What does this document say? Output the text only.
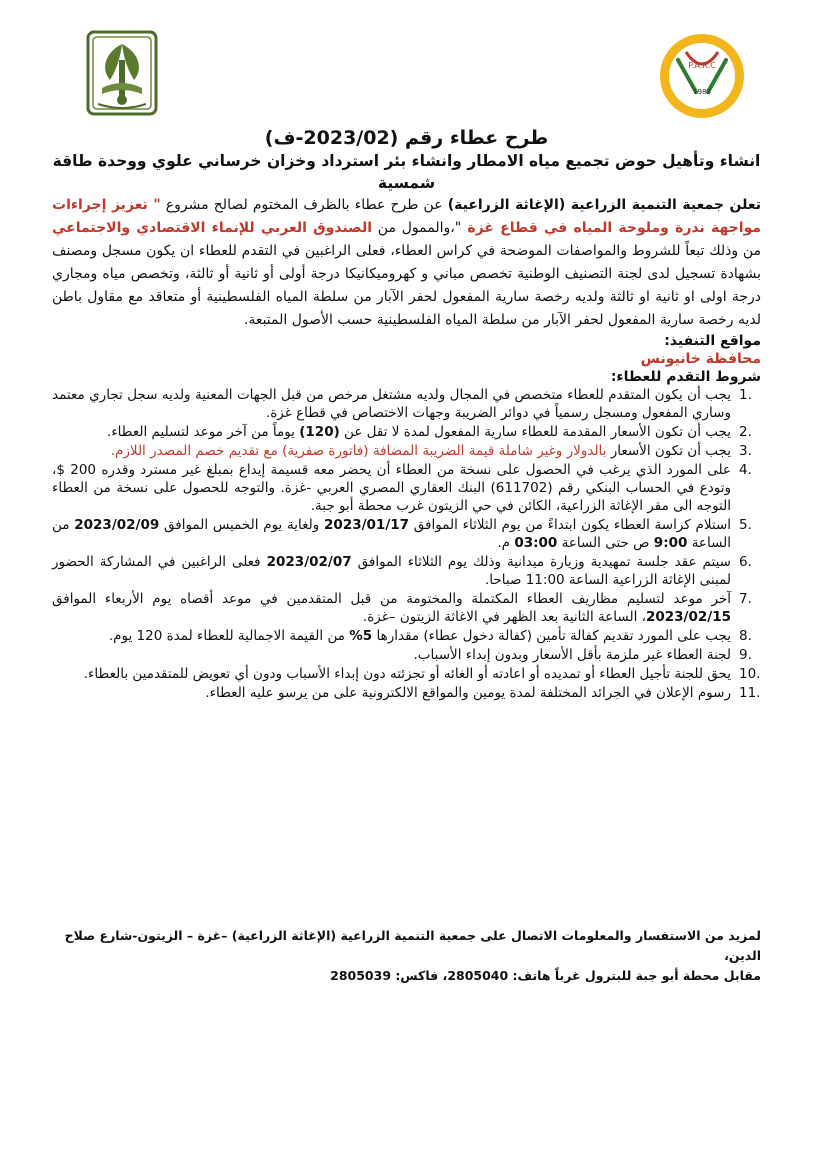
P.A.R.C
1983
طرح عطاء رقم (2023/02-ف)

انشاء وتأهيل حوض تجميع مياه الامطار وانشاء بئر استرداد وخزان خرساني علوي ووحدة طاقة شمسية

تعلن جمعية التنمية الزراعية (الإغاثة الزراعية) عن طرح عطاء بالظرف المختوم لصالح مشروع " تعزيز إجراءات مواجهة ندرة وملوحة المياه في قطاع غزة "،والممول من الصندوق العربي للإنماء الاقتصادي والاجتماعي من وذلك تبعاً للشروط والمواصفات الموضحة في كراس العطاء، فعلى الراغبين في التقدم للعطاء ان يكون مسجل ومصنف بشهادة تسجيل لدى لجنة التصنيف الوطنية تخصص مباني و كهروميكانيكا درجة أولى أو ثانية أو ثالثة، وتخصص مياه ومجاري درجة اولى او ثانية او ثالثة ولديه رخصة سارية المفعول لحفر الآبار من سلطة المياه الفلسطينية أو متعاقد مع مقاول باطن لديه رخصة سارية المفعول لحفر الآبار من سلطة المياه الفلسطينية حسب الأصول المتبعة.

مواقع التنفيذ:

محافظة خانيونس

شروط التقدم للعطاء:

1.
يجب أن يكون المتقدم للعطاء متخصص في المجال ولديه مشتغل مرخص من قبل الجهات المعنية ولديه سجل تجاري معتمد وساري المفعول ومسجل رسمياً في دوائر الضريبة وجهات الاختصاص في قطاع غزة.
2.
يجب أن تكون الأسعار المقدمة للعطاء سارية المفعول لمدة لا تقل عن (120) يوماً من آخر موعد لتسليم العطاء.
3.
يجب أن تكون الأسعار بالدولار وغير شاملة قيمة الضريبة المضافة (فاتورة صفرية) مع تقديم خصم المصدر اللازم.
4.
على المورد الذي يرغب في الحصول على نسخة من العطاء أن يحضر معه قسيمة إيداع بمبلغ غير مسترد وقدره 200 $، وتودع في الحساب البنكي رقم (611702) البنك العقاري المصري العربي -غزة. والتوجه للحصول على نسخة من العطاء التوجه الى مقر الإغاثة الزراعية، الكائن في حي الزيتون غرب محطة أبو جبة.
5.
استلام كراسة العطاء يكون ابتداءً من يوم الثلاثاء الموافق 2023/01/17 ولغاية يوم الخميس الموافق 2023/02/09 من الساعة 9:00 ص حتى الساعة 03:00 م.
6.
سيتم عقد جلسة تمهيدية وزيارة ميدانية وذلك يوم الثلاثاء الموافق 2023/02/07 فعلى الراغبين في المشاركة الحضور لمبنى الإغاثة الزراعية الساعة 11:00 صباحا.
7.
آخر موعد لتسليم مظاريف العطاء المكتملة والمختومة من قبل المتقدمين في موعد أقصاه يوم الأربعاء الموافق 2023/02/15، الساعة الثانية بعد الظهر في الاغاثة الزيتون –غزة.
8.
يجب على المورد تقديم كفالة تأمين (كفالة دخول عطاء) مقدارها 5% من القيمة الاجمالية للعطاء لمدة 120 يوم.
9.
لجنة العطاء غير ملزمة بأقل الأسعار وبدون إبداء الأسباب.
10.
يحق للجنة تأجيل العطاء أو تمديده أو اعادته أو الغائه أو تجزئته دون إبداء الأسباب ودون أي تعويض للمتقدمين بالعطاء.
11.
رسوم الإعلان في الجرائد المختلفة لمدة يومين والمواقع الالكترونية على من يرسو عليه العطاء.
لمزيد من الاستفسار والمعلومات الاتصال على جمعية التنمية الزراعية (الإغاثة الزراعية) –غزة – الزيتون-شارع صلاح الدين،
مقابل محطة أبو جبة للبترول غرباً هاتف: 2805040، فاكس: 2805039
